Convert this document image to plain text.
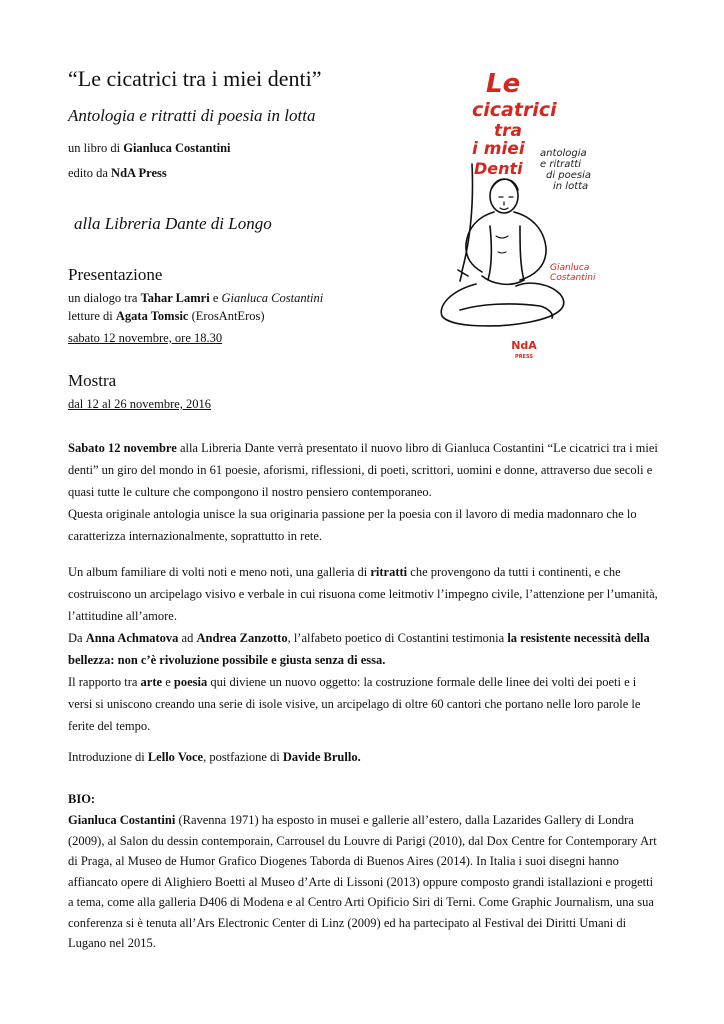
“Le cicatrici tra i miei denti”
Antologia e ritratti di poesia in lotta
un libro di Gianluca Costantini
edito da NdA Press
alla Libreria Dante di Longo
Presentazione
un dialogo tra Tahar Lamri e Gianluca Costantini
letture di Agata Tomsic (ErosAntEros)
sabato 12 novembre, ore 18.30
Mostra
dal 12 al 26 novembre, 2016
Sabato 12 novembre alla Libreria Dante verrà presentato il nuovo libro di Gianluca Costantini “Le cicatrici tra i miei denti” un giro del mondo in 61 poesie, aforismi, riflessioni, di poeti, scrittori, uomini e donne, attraverso due secoli e quasi tutte le culture che compongono il nostro pensiero contemporaneo.
Questa originale antologia unisce la sua originaria passione per la poesia con il lavoro di media madonnaro che lo caratterizza internazionalmente, soprattutto in rete.
Un album familiare di volti noti e meno noti, una galleria di ritratti che provengono da tutti i continenti, e che costruiscono un arcipelago visivo e verbale in cui risuona come leitmotiv l’impegno civile, l’attenzione per l’umanità, l’attitudine all’amore.
Da Anna Achmatova ad Andrea Zanzotto, l’alfabeto poetico di Costantini testimonia la resistente necessità della bellezza: non c’è rivoluzione possibile e giusta senza di essa.
Il rapporto tra arte e poesia qui diviene un nuovo oggetto: la costruzione formale delle linee dei volti dei poeti e i versi si uniscono creando una serie di isole visive, un arcipelago di oltre 60 cantori che portano nelle loro parole le ferite del tempo.
Introduzione di Lello Voce, postfazione di Davide Brullo.
BIO:
Gianluca Costantini (Ravenna 1971) ha esposto in musei e gallerie all’estero, dalla Lazarides Gallery di Londra (2009), al Salon du dessin contemporain, Carrousel du Louvre di Parigi (2010), dal Dox Centre for Contemporary Art di Praga, al Museo de Humor Grafico Diogenes Taborda di Buenos Aires (2014). In Italia i suoi disegni hanno affiancato opere di Alighiero Boetti al Museo d’Arte di Lissoni (2013) oppure composto grandi istallazioni e progetti a tema, come alla galleria D406 di Modena e al Centro Arti Opificio Siri di Terni. Come Graphic Journalism, una sua conferenza si è tenuta all’Ars Electronic Center di Linz (2009) ed ha partecipato al Festival dei Diritti Umani di Lugano nel 2015.
Le
cicatrici
tra
i miei
Denti
antologia
e ritratti
di poesia
in lotta
Gianluca
Costantini
NdA
PRESS
